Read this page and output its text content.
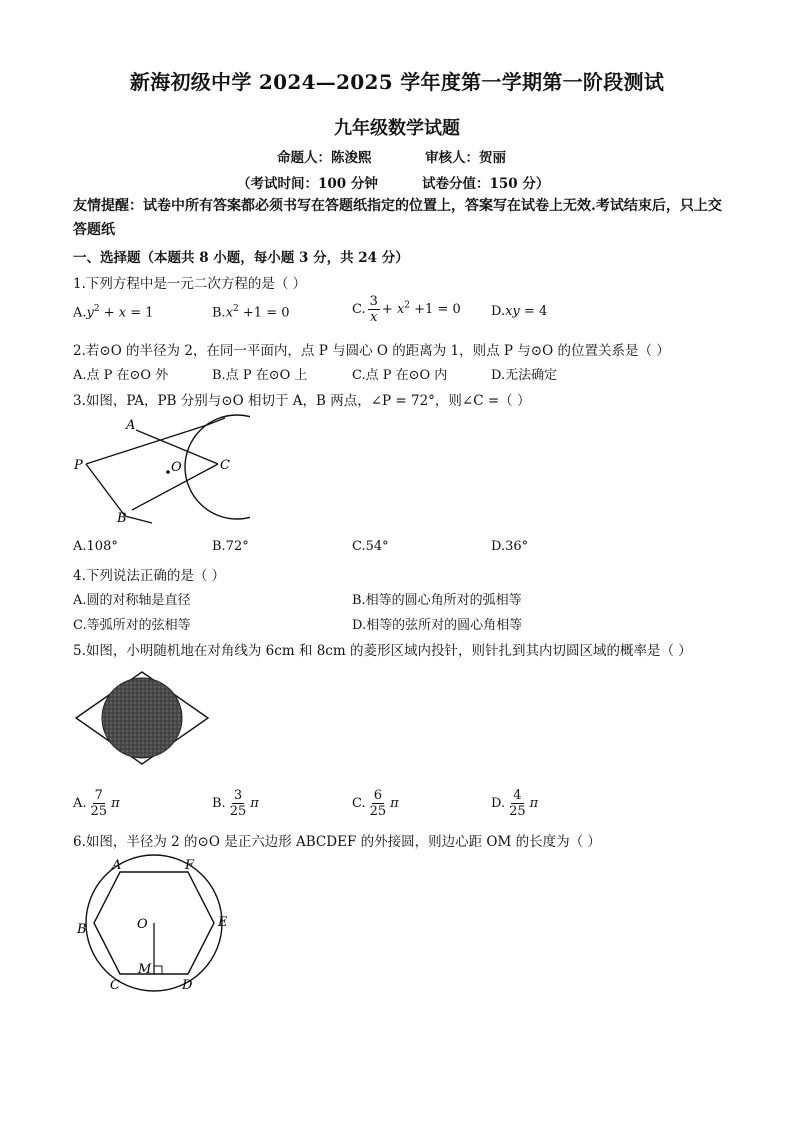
新海初级中学 2024—2025 学年度第一学期第一阶段测试
九年级数学试题
命题人：陈浚熙	审核人：贺丽
（考试时间：100 分钟	试卷分值：150 分）
友情提醒：试卷中所有答案都必须书写在答题纸指定的位置上，答案写在试卷上无效.考试结束后，只上交答题纸
一、选择题（本题共 8 小题，每小题 3 分，共 24 分）
1.下列方程中是一元二次方程的是（ ）
$A.y^2 + x = 1$	$B.x^2 +1 = 0$	C. $\frac{3}{x} + x^2 +1 = 0$ D.xy = 4
2.若⊙O 的半径为 2，在同一平面内，点 P 与圆心 O 的距离为 1，则点 P 与⊙O 的位置关系是（ ）
A.点 P 在⊙O 外	B.点 P 在⊙O 上	C.点 P 在⊙O 内	D.无法确定
3.如图，PA，PB 分别与⊙O 相切于 A，B 两点，∠P = 72°，则∠C =（ ）
A
P	O	C
B
A.108°	B.72°	C.54°	D.36°
4.下列说法正确的是（ ）
A.圆的对称轴是直径	B.相等的圆心角所对的弧相等
C.等弧所对的弦相等	D.相等的弦所对的圆心角相等
5.如图，小明随机地在对角线为 6cm 和 8cm 的菱形区域内投针，则针扎到其内切圆区域的概率是（ ）
A. $\frac{7}{25}$ π	B. $\frac{3}{25}$ π	C. $\frac{6}{25}$ π	D. $\frac{4}{25}$ π
6.如图，半径为 2 的⊙O 是正六边形 ABCDEF 的外接圆，则边心距 OM 的长度为（ ）
A	F
O
B	E
M
C	D
